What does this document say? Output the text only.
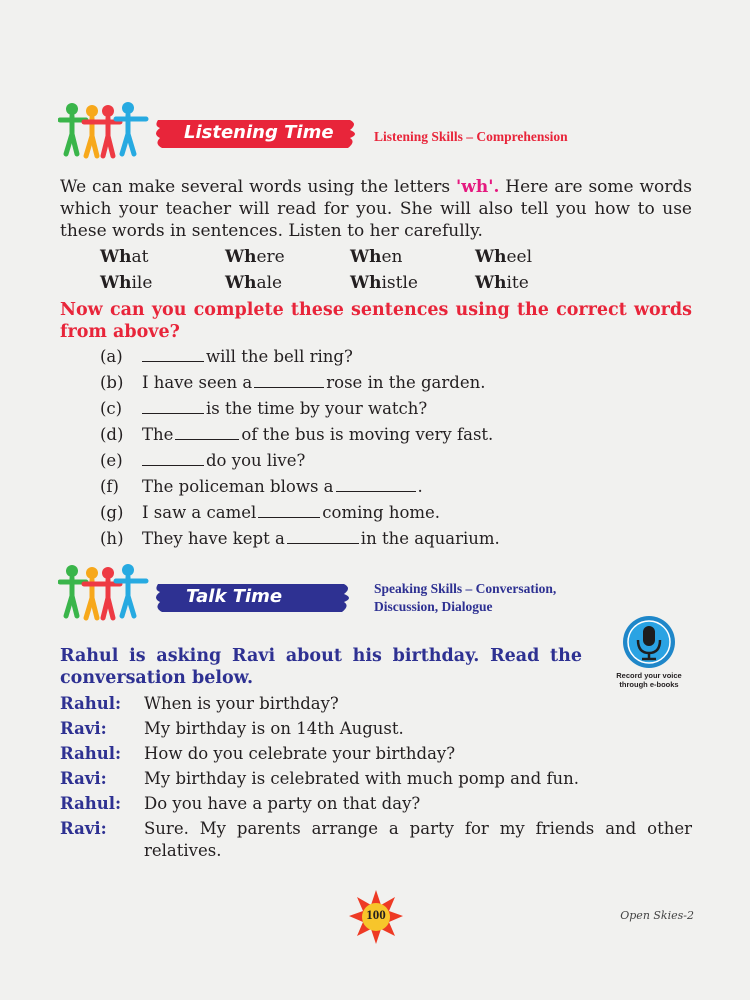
Listening Time	Listening Skills – Comprehension
We can make several words using the letters 'wh'. Here are some words which your teacher will read for you. She will also tell you how to use these words in sentences. Listen to her carefully.
What	Where	When	Wheel
While	Whale	Whistle	White
Now can you complete these sentences using the correct words from above?
(a)	will the bell ring?
(b)	I have seen a	rose in the garden.
(c)	is the time by your watch?
(d)	The	of the bus is moving very fast.
(e)	do you live?
(f)	The policeman blows a	.
(g)	I saw a camel	coming home.
(h)	They have kept a	in the aquarium.
Talk Time	Speaking Skills – Conversation,
Discussion, Dialogue
Record your voice
through e-books
Rahul is asking Ravi about his birthday. Read the conversation below.
Rahul:	When is your birthday?
Ravi:	My birthday is on 14th August.
Rahul:	How do you celebrate your birthday?
Ravi:	My birthday is celebrated with much pomp and fun.
Rahul:	Do you have a party on that day?
Ravi:	Sure. My parents arrange a party for my friends and other relatives.
100	Open Skies-2
